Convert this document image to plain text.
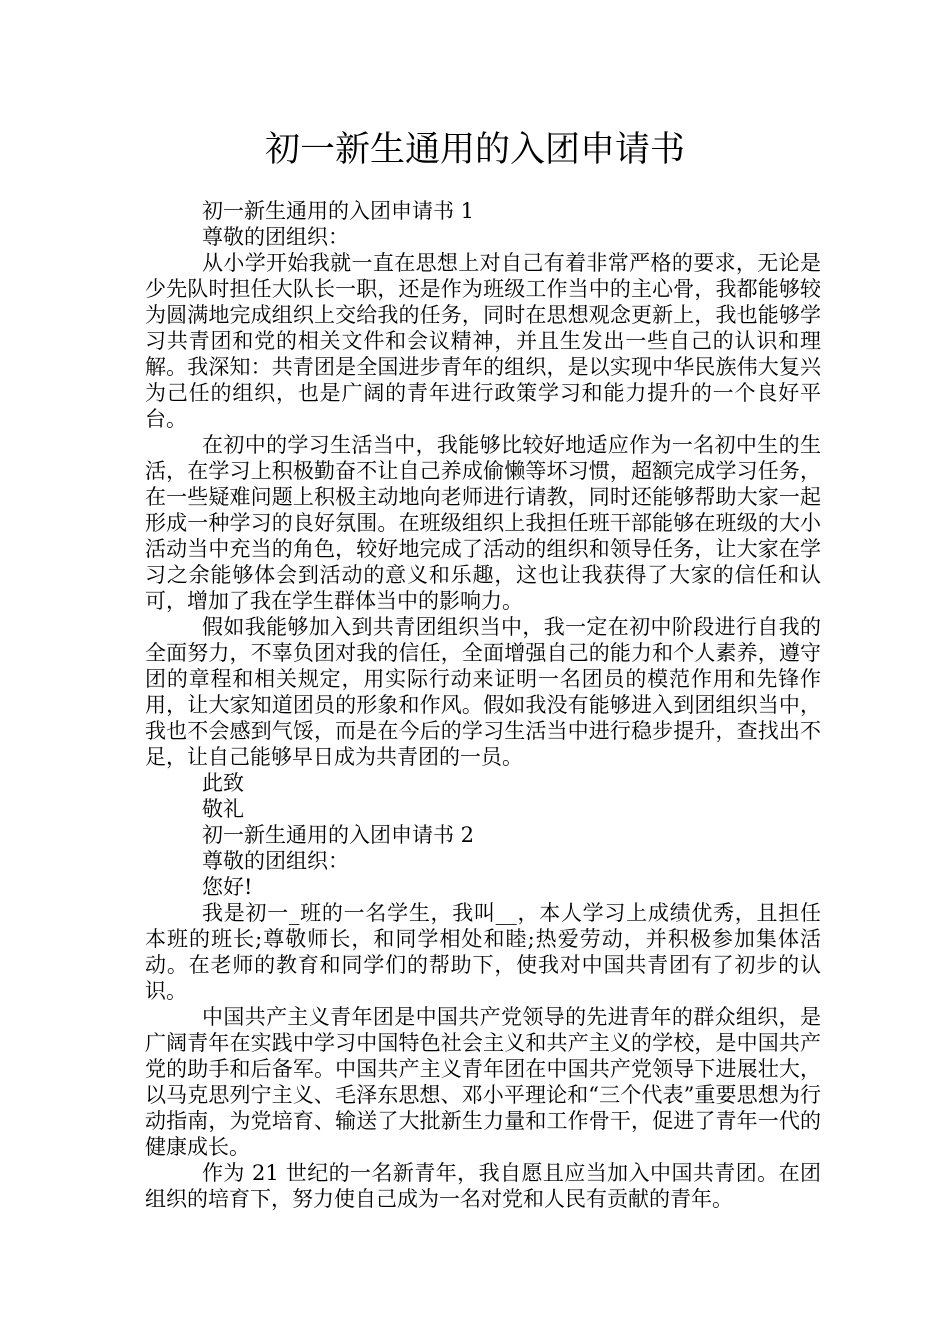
初一新生通用的入团申请书

初一新生通用的入团申请书 1

尊敬的团组织：

从小学开始我就一直在思想上对自己有着非常严格的要求，无论是少先队时担任大队长一职，还是作为班级工作当中的主心骨，我都能够较为圆满地完成组织上交给我的任务，同时在思想观念更新上，我也能够学习共青团和党的相关文件和会议精神，并且生发出一些自己的认识和理解。我深知：共青团是全国进步青年的组织，是以实现中华民族伟大复兴为己任的组织，也是广阔的青年进行政策学习和能力提升的一个良好平台。

在初中的学习生活当中，我能够比较好地适应作为一名初中生的生活，在学习上积极勤奋不让自己养成偷懒等坏习惯，超额完成学习任务，在一些疑难问题上积极主动地向老师进行请教，同时还能够帮助大家一起形成一种学习的良好氛围。在班级组织上我担任班干部能够在班级的大小活动当中充当的角色，较好地完成了活动的组织和领导任务，让大家在学习之余能够体会到活动的意义和乐趣，这也让我获得了大家的信任和认可，增加了我在学生群体当中的影响力。

假如我能够加入到共青团组织当中，我一定在初中阶段进行自我的全面努力，不辜负团对我的信任，全面增强自己的能力和个人素养，遵守团的章程和相关规定，用实际行动来证明一名团员的模范作用和先锋作用，让大家知道团员的形象和作风。假如我没有能够进入到团组织当中，我也不会感到气馁，而是在今后的学习生活当中进行稳步提升，查找出不足，让自己能够早日成为共青团的一员。

此致

敬礼

初一新生通用的入团申请书 2

尊敬的团组织：

您好!

我是初一_班的一名学生，我叫__，本人学习上成绩优秀，且担任本班的班长;尊敬师长，和同学相处和睦;热爱劳动，并积极参加集体活动。在老师的教育和同学们的帮助下，使我对中国共青团有了初步的认识。

中国共产主义青年团是中国共产党领导的先进青年的群众组织，是广阔青年在实践中学习中国特色社会主义和共产主义的学校，是中国共产党的助手和后备军。中国共产主义青年团在中国共产党领导下进展壮大，以马克思列宁主义、毛泽东思想、邓小平理论和“三个代表”重要思想为行动指南，为党培育、输送了大批新生力量和工作骨干，促进了青年一代的健康成长。

作为 21 世纪的一名新青年，我自愿且应当加入中国共青团。在团组织的培育下，努力使自己成为一名对党和人民有贡献的青年。
